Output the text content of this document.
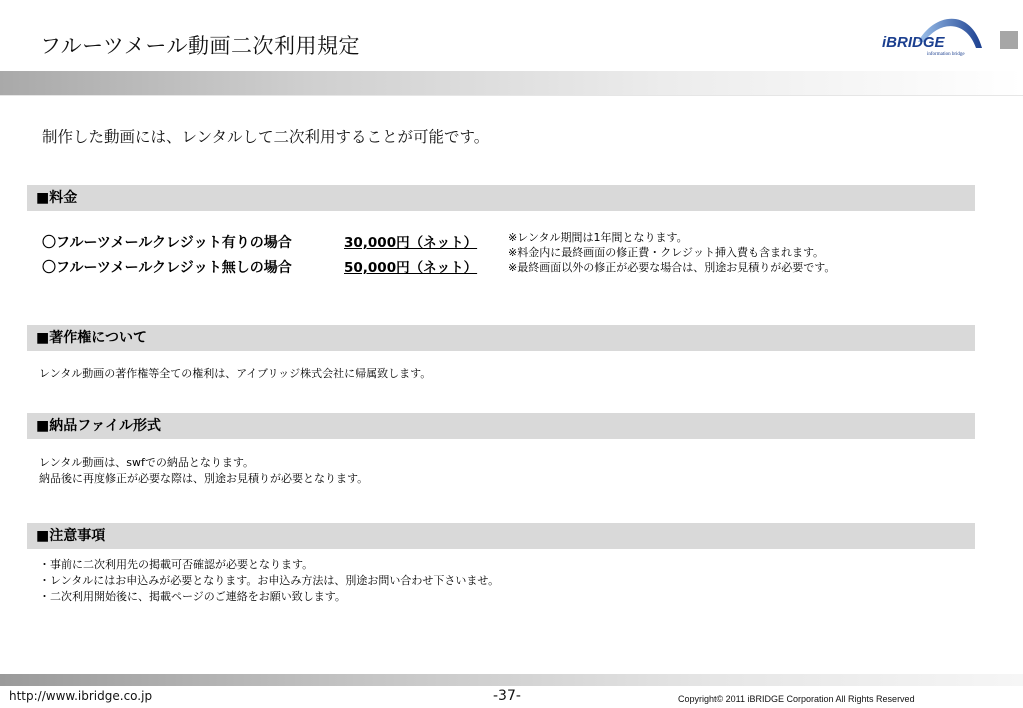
フルーツメール動画二次利用規定	iBRIDGE
information bridge
制作した動画には、レンタルして二次利用することが可能です。
■料金
〇フルーツメールクレジット有りの場合	30,000円（ネット）
〇フルーツメールクレジット無しの場合	50,000円（ネット）
※レンタル期間は1年間となります。
※料金内に最終画面の修正費・クレジット挿入費も含まれます。
※最終画面以外の修正が必要な場合は、別途お見積りが必要です。
■著作権について
レンタル動画の著作権等全ての権利は、アイブリッジ株式会社に帰属致します。
■納品ファイル形式
レンタル動画は、swfでの納品となります。
納品後に再度修正が必要な際は、別途お見積りが必要となります。
■注意事項
・事前に二次利用先の掲載可否確認が必要となります。
・レンタルにはお申込みが必要となります。お申込み方法は、別途お問い合わせ下さいませ。
・二次利用開始後に、掲載ページのご連絡をお願い致します。
http://www.ibridge.co.jp	-37-	Copyright© 2011 iBRIDGE Corporation All Rights Reserved
